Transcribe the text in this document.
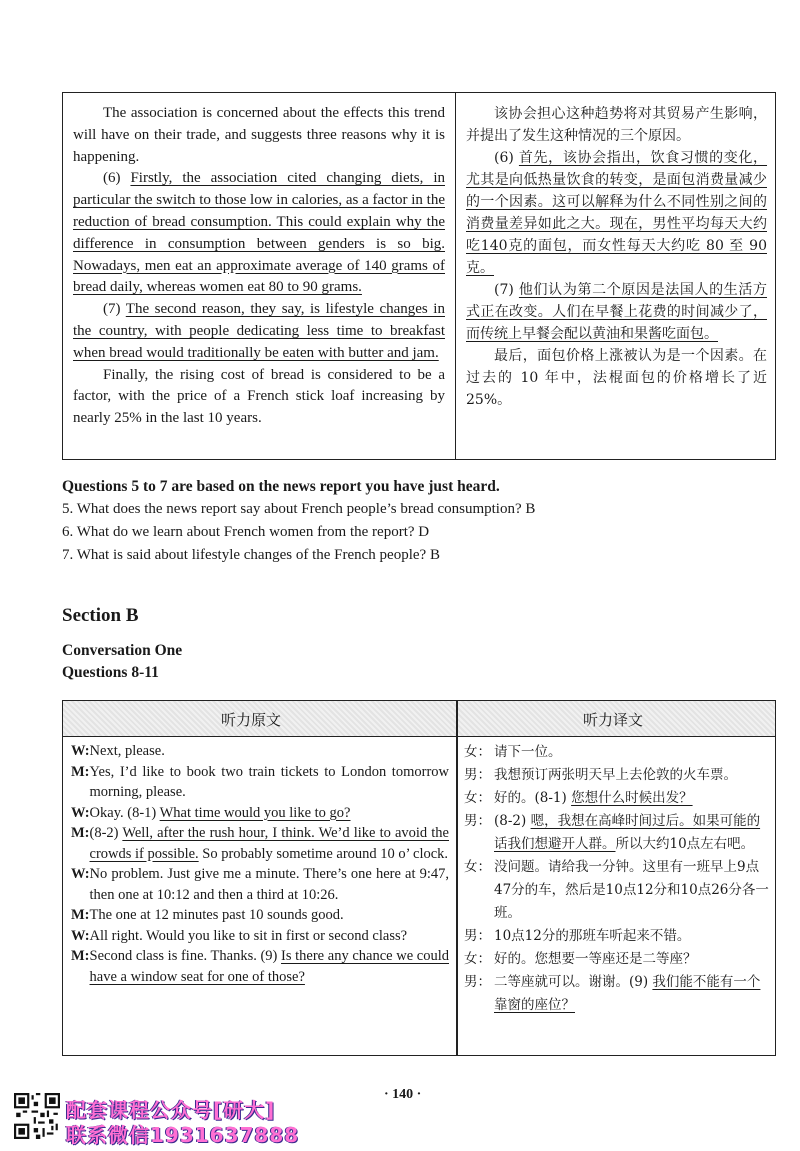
The association is concerned about the effects this trend will have on their trade, and suggests three reasons why it is happening.

(6) Firstly, the association cited changing diets, in particular the switch to those low in calories, as a factor in the reduction of bread consumption. This could explain why the difference in consumption between genders is so big. Nowadays, men eat an approximate average of 140 grams of bread daily, whereas women eat 80 to 90 grams.

(7) The second reason, they say, is lifestyle changes in the country, with people dedicating less time to breakfast when bread would traditionally be eaten with butter and jam.

Finally, the rising cost of bread is considered to be a factor, with the price of a French stick loaf increasing by nearly 25% in the last 10 years.

该协会担心这种趋势将对其贸易产生影响，并提出了发生这种情况的三个原因。

(6) 首先，该协会指出，饮食习惯的变化，尤其是向低热量饮食的转变，是面包消费量减少的一个因素。这可以解释为什么不同性别之间的消费量差异如此之大。现在，男性平均每天大约吃140克的面包，而女性每天大约吃 80 至 90 克。

(7) 他们认为第二个原因是法国人的生活方式正在改变。人们在早餐上花费的时间减少了，而传统上早餐会配以黄油和果酱吃面包。

最后，面包价格上涨被认为是一个因素。在过去的 10 年中，法棍面包的价格增长了近 25%。

Questions 5 to 7 are based on the news report you have just heard.

5. What does the news report say about French people’s bread consumption? B

6. What do we learn about French women from the report? D

7. What is said about lifestyle changes of the French people? B

Section B

Conversation One

Questions 8-11

听力原文	听力译文
W: Next, please.
M: Yes, I’d like to book two train tickets to London tomorrow morning, please.
W: Okay. (8-1) What time would you like to go?
M: (8-2) Well, after the rush hour, I think. We’d like to avoid the crowds if possible. So probably sometime around 10 o’ clock.
W: No problem. Just give me a minute. There’s one here at 9:47, then one at 10:12 and then a third at 10:26.
M: The one at 12 minutes past 10 sounds good.
W: All right. Would you like to sit in first or second class?
M: Second class is fine. Thanks. (9) Is there any chance we could have a window seat for one of those?
女： 请下一位。
男： 我想预订两张明天早上去伦敦的火车票。
女： 好的。(8-1) 您想什么时候出发？
男： (8-2) 嗯，我想在高峰时间过后。如果可能的话我们想避开人群。所以大约10点左右吧。
女： 没问题。请给我一分钟。这里有一班早上9点47分的车，然后是10点12分和10点26分各一班。
男： 10点12分的那班车听起来不错。
女： 好的。您想要一等座还是二等座？
男： 二等座就可以。谢谢。(9) 我们能不能有一个靠窗的座位？

· 140 ·

配套课程公众号[研大]

联系微信1931637888
